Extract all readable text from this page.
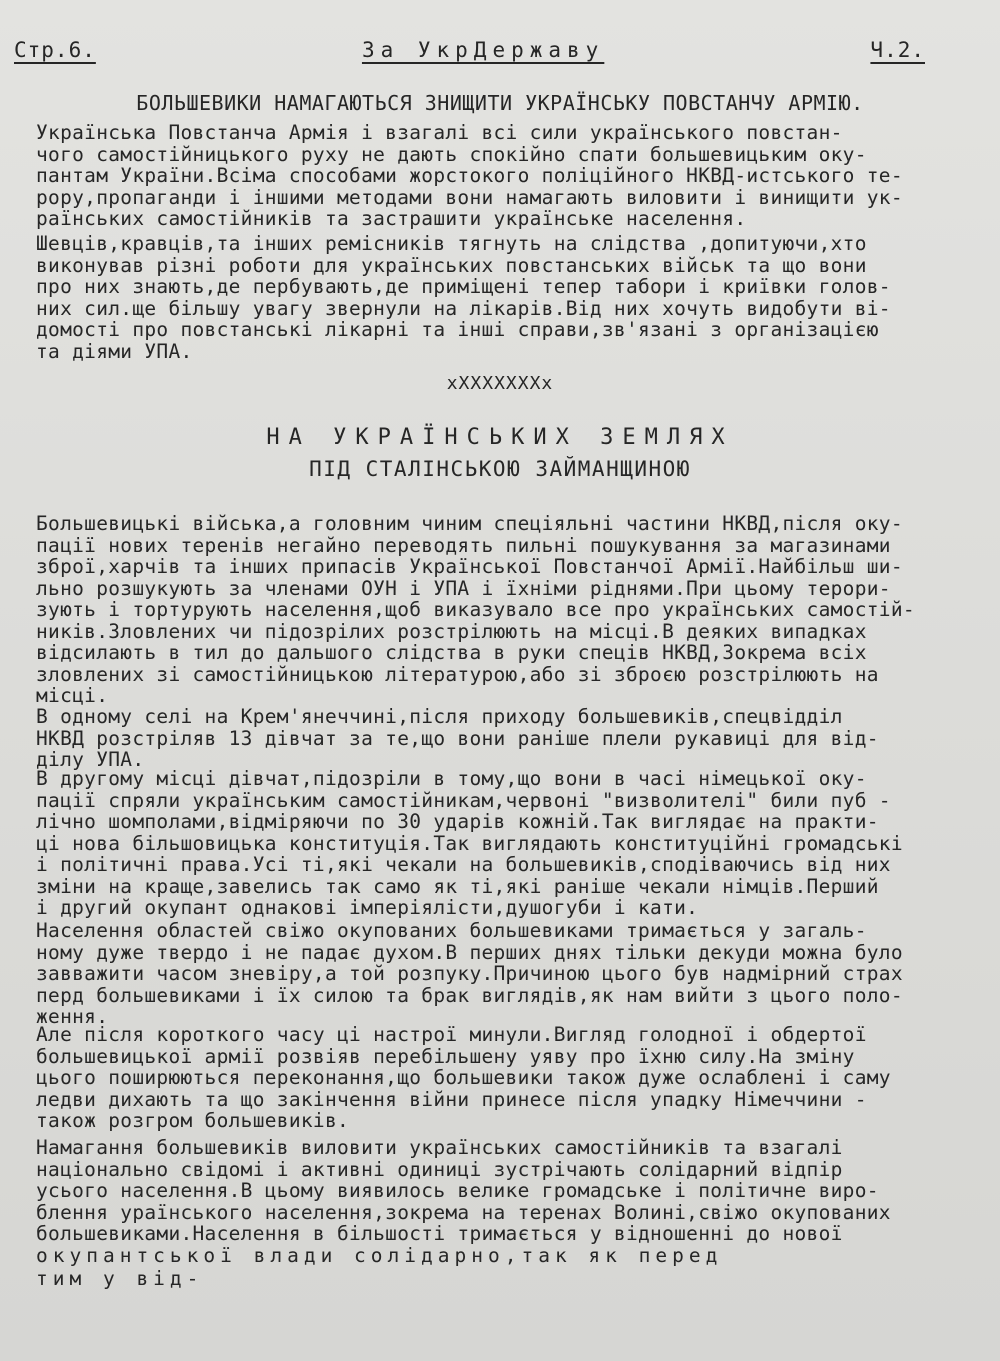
Стр.6.	За УкрДержаву	Ч.2.
БОЛЬШЕВИКИ НАМАГАЮТЬСЯ ЗНИЩИТИ УКРАЇНСЬКУ ПОВСТАНЧУ АРМІЮ.

Українська Повстанча Армія і взагалі всі сили українського повстан-
чого самостійницького руху не дають спокійно спати большевицьким оку-
пантам України.Всіма способами жорстокого поліційного НКВД-истського те-
рору,пропаганди і іншими методами вони намагають виловити і винищити ук-
раїнських самостійників та застрашити українське населення.

Шевців,кравців,та інших ремісників тягнуть на слідства ,допитуючи,хто
виконував різні роботи для українських повстанських військ та що вони
про них знають,де пербувають,де приміщені тепер табори і криївки голов-
них сил.ще більшу увагу звернули на лікарів.Від них хочуть видобути ві-
домості про повстанські лікарні та інші справи,зв'язані з організацією
та діями УПА.

xXXXXXXXx
НА УКРАЇНСЬКИХ ЗЕМЛЯХ
ПІД СТАЛІНСЬКОЮ ЗАЙМАНЩИНОЮ

Большевицькі війська,а головним чиним спеціяльні частини НКВД,після оку-
пації нових теренів негайно переводять пильні пошукування за магазинами
зброї,харчів та інших припасів Української Повстанчої Армії.Найбільш ши-
льно розшукують за членами ОУН і УПА і їхніми ріднями.При цьому терори-
зують і тортурують населення,щоб виказувало все про українських самостій-
ників.Зловлених чи підозрілих розстрілюють на місці.В деяких випадках
відсилають в тил до дальшого слідства в руки спеців НКВД,Зокрема всіх
зловлених зі самостійницькою літературою,або зі зброєю розстрілюють на
місці.

В одному селі на Крем'янеччині,після приходу большевиків,спецвідділ
НКВД розстріляв 13 дівчат за те,що вони раніше плели рукавиці для від-
ділу УПА.

В другому місці дівчат,підозріли в тому,що вони в часі німецької оку-
пації спряли українським самостійникам,червоні "визволителі" били пуб -
лічно шомполами,відміряючи по 30 ударів кожній.Так виглядає на практи-
ці нова більшовицька конституція.Так виглядають конституційні громадські
і політичні права.Усі ті,які чекали на большевиків,сподіваючись від них
зміни на краще,завелись так само як ті,які раніше чекали німців.Перший
і другий окупант однакові імперіялісти,душогуби і кати.

Населення областей свіжо окупованих большевиками тримається у загаль-
ному дуже твердо і не падає духом.В перших днях тільки декуди можна було
завважити часом зневіру,а той розпуку.Причиною цього був надмірний страх
перд большевиками і їх силою та брак виглядів,як нам вийти з цього поло-
ження.

Але після короткого часу ці настрої минули.Вигляд голодної і обдертої
большевицької армії розвіяв перебільшену уяву про їхню силу.На зміну
цього поширюються переконання,що большевики також дуже ослаблені і саму
ледви дихають та що закінчення війни принесе після упадку Німеччини -
також розгром большевиків.

Намагання большевиків виловити українських самостійників та взагалі
національно свідомі і активні одиниці зустрічають солідарний відпір
усього населення.В цьому виявилось велике громадське і політичне виро-
блення ураїнського населення,зокрема на теренах Волині,свіжо окупованих
большевиками.Населення в більшості тримається у відношенні до нової

окупантської влади солідарно,так як перед

тим у від-
